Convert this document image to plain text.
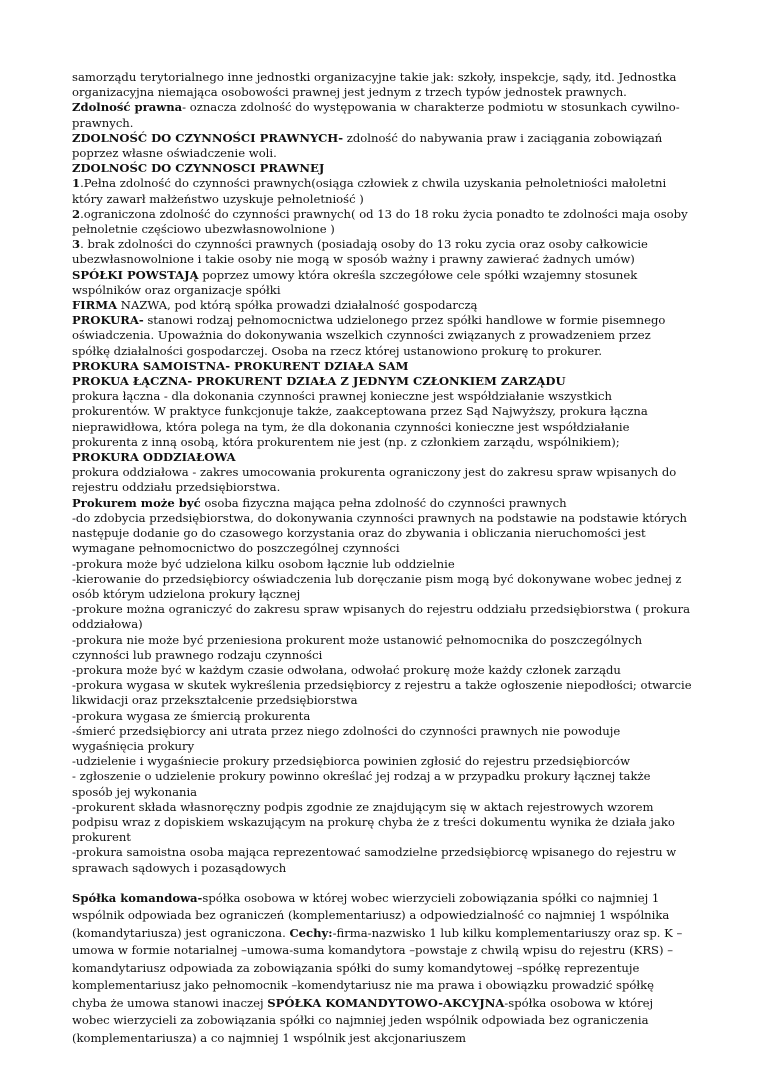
samorządu terytorialnego inne jednostki organizacyjne takie jak: szkoły, inspekcje, sądy, itd. Jednostka organizacyjna niemająca osobowości prawnej jest jednym z trzech typów jednostek prawnych.

Zdolność prawna- oznacza zdolność do występowania w charakterze podmiotu w stosunkach cywilno-prawnych.

ZDOLNOŚĆ DO CZYNNOŚCI PRAWNYCH- zdolność do nabywania praw i zaciągania zobowiązań poprzez własne oświadczenie woli.

ZDOLNOŚC DO CZYNNOSCI PRAWNEJ

1.Pełna zdolność do czynności prawnych(osiąga człowiek z chwila uzyskania pełnoletniości małoletni który zawarł małżeństwo uzyskuje pełnoletniość )

2.ograniczona zdolność do czynności prawnych( od 13 do 18 roku życia ponadto te zdolności maja osoby pełnoletnie częściowo ubezwłasnowolnione )

3. brak zdolności do czynności prawnych (posiadają osoby do 13 roku zycia oraz osoby całkowicie ubezwłasnowolnione i takie osoby nie mogą w sposób ważny i prawny zawierać żadnych umów)

SPÓŁKI POWSTAJĄ poprzez umowy która określa szczegółowe cele spółki wzajemny stosunek wspólników oraz organizacje spółki

FIRMA NAZWA, pod którą spółka prowadzi działalność gospodarczą

PROKURA- stanowi rodzaj pełnomocnictwa udzielonego przez spółki handlowe w formie pisemnego oświadczenia. Upoważnia do dokonywania wszelkich czynności związanych z prowadzeniem przez spółkę działalności gospodarczej. Osoba na rzecz której ustanowiono prokurę to prokurer.

PROKURA SAMOISTNA- PROKURENT DZIAŁA SAM

PROKUA ŁĄCZNA- PROKURENT DZIAŁA Z JEDNYM CZŁONKIEM ZARZĄDU

prokura łączna - dla dokonania czynności prawnej konieczne jest współdziałanie wszystkich prokurentów. W praktyce funkcjonuje także, zaakceptowana przez Sąd Najwyższy, prokura łączna nieprawidłowa, która polega na tym, że dla dokonania czynności konieczne jest współdziałanie prokurenta z inną osobą, która prokurentem nie jest (np. z członkiem zarządu, wspólnikiem);

PROKURA ODDZIAŁOWA

prokura oddziałowa - zakres umocowania prokurenta ograniczony jest do zakresu spraw wpisanych do rejestru oddziału przedsiębiorstwa.

Prokurem może być osoba fizyczna mająca pełna zdolność do czynności prawnych

-do zdobycia przedsiębiorstwa, do dokonywania czynności prawnych na podstawie na podstawie których następuje dodanie go do czasowego korzystania oraz do zbywania i obliczania nieruchomości jest wymagane pełnomocnictwo do poszczególnej czynności

-prokura może być udzielona kilku osobom łącznie lub oddzielnie

-kierowanie do przedsiębiorcy oświadczenia lub doręczanie pism mogą być dokonywane wobec jednej z osób którym udzielona prokury łącznej

-prokure można ograniczyć do zakresu spraw wpisanych do rejestru oddziału przedsiębiorstwa ( prokura oddziałowa)

-prokura nie może być przeniesiona prokurent może ustanowić pełnomocnika do poszczególnych czynności lub prawnego rodzaju czynności

-prokura może być w każdym czasie odwołana, odwołać prokurę może każdy członek zarządu

-prokura wygasa w skutek wykreślenia przedsiębiorcy z rejestru a także ogłoszenie niepodłości; otwarcie likwidacji oraz przekształcenie przedsiębiorstwa

-prokura wygasa ze śmiercią prokurenta

-śmierć przedsiębiorcy ani utrata przez niego zdolności do czynności prawnych nie powoduje wygaśnięcia prokury

-udzielenie i wygaśniecie prokury przedsiębiorca powinien zgłosić do rejestru przedsiębiorców

- zgłoszenie o udzielenie prokury powinno określać jej rodzaj a w przypadku prokury łącznej także sposób jej wykonania

-prokurent składa własnoręczny podpis zgodnie ze znajdującym się w aktach rejestrowych wzorem podpisu wraz z dopiskiem wskazującym na prokurę chyba że z treści dokumentu wynika że działa jako prokurent

-prokura samoistna osoba mająca reprezentować samodzielne przedsiębiorcę wpisanego do rejestru w sprawach sądowych i pozasądowych

Spółka komandowa-spółka osobowa w której wobec wierzycieli zobowiązania spółki co najmniej 1 wspólnik odpowiada bez ograniczeń (komplementariusz) a odpowiedzialność co najmniej 1 wspólnika (komandytariusza) jest ograniczona. Cechy:-firma-nazwisko 1 lub kilku komplementariuszy oraz sp. K –umowa w formie notarialnej –umowa-suma komandytora –powstaje z chwilą wpisu do rejestru (KRS) –komandytariusz odpowiada za zobowiązania spółki do sumy komandytowej –spółkę reprezentuje komplementariusz jako pełnomocnik –komendytariusz nie ma prawa i obowiązku prowadzić spółkę chyba że umowa stanowi inaczej SPÓŁKA KOMANDYTOWO-AKCYJNA-spółka osobowa w której wobec wierzycieli za zobowiązania spółki co najmniej jeden wspólnik odpowiada bez ograniczenia (komplementariusza) a co najmniej 1 wspólnik jest akcjonariuszem
